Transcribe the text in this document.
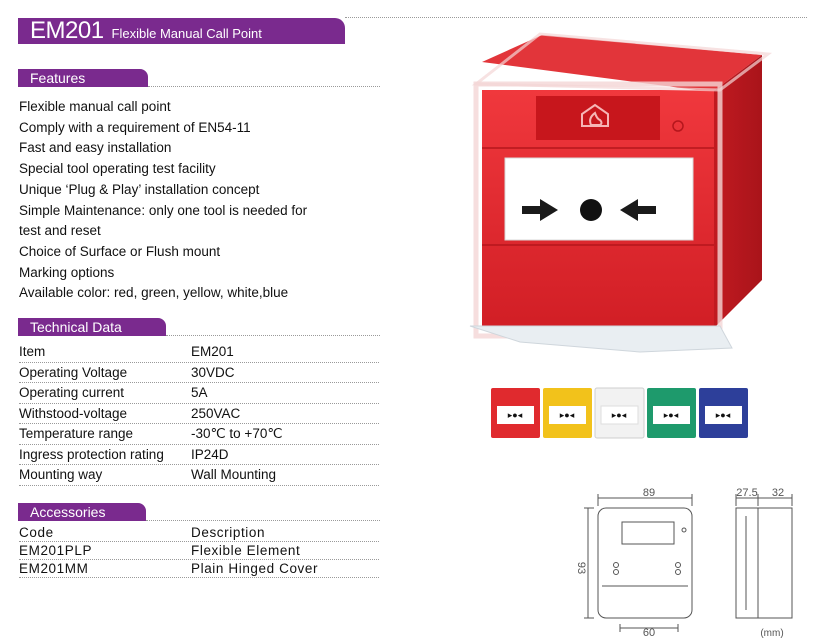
EM201 Flexible Manual Call Point
Features
Flexible manual call point
Comply with a requirement of EN54-11
Fast and easy installation
Special tool operating test facility
Unique ‘Plug & Play’ installation concept
Simple Maintenance: only one tool is needed for
test and reset
Choice of Surface or Flush mount
Marking options
Available color: red, green, yellow, white,blue
Technical Data
Item	EM201
Operating Voltage	30VDC
Operating current	5A
Withstood-voltage	250VAC
Temperature range	-30℃ to +70℃
Ingress protection rating	IP24D
Mounting way	Wall Mounting
Accessories
Code	Description
EM201PLP	Flexible Element
EM201MM	Plain Hinged Cover
▸●◂	▸●◂	▸●◂	▸●◂	▸●◂
89
93
60
27.5 32
(mm)
